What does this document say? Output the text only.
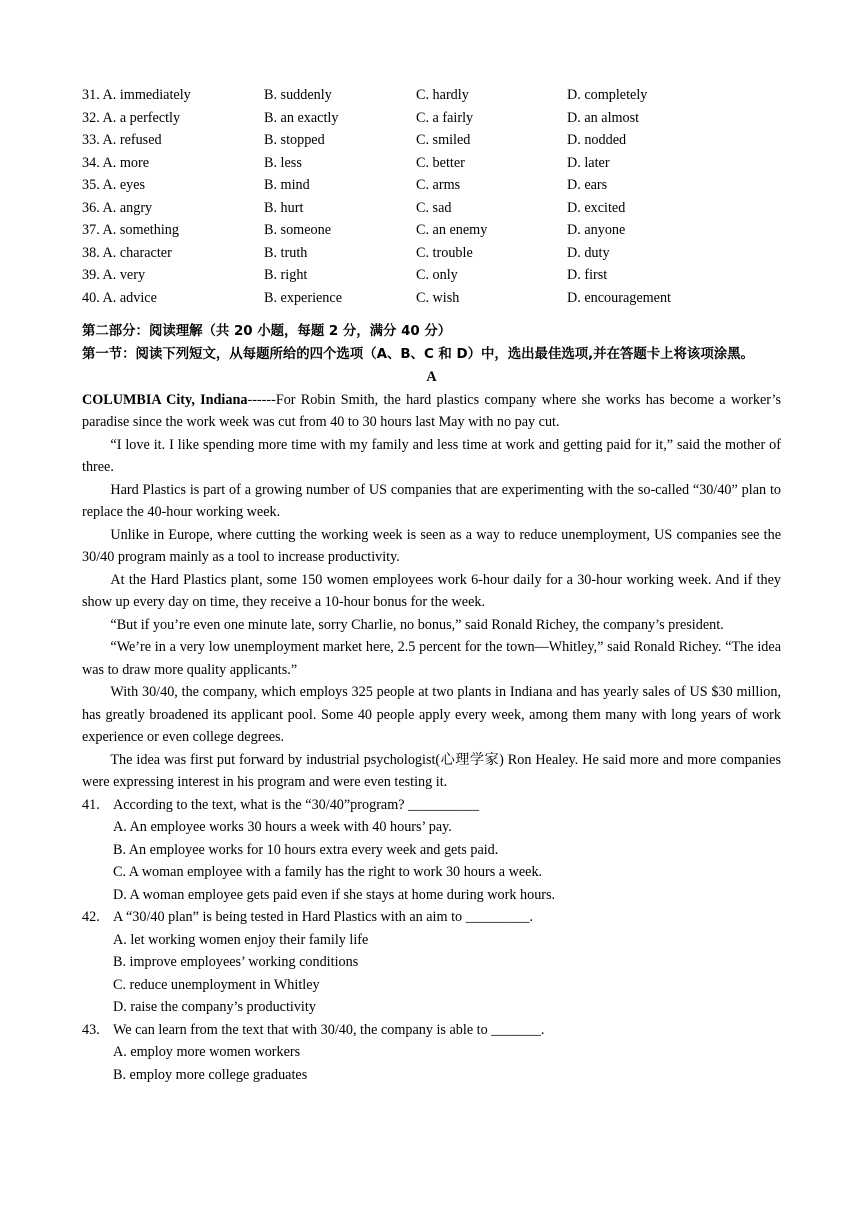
31. A. immediately	B. suddenly	C. hardly	D. completely
32. A. a perfectly	B. an exactly	C. a fairly	D. an almost
33. A. refused	B. stopped	C. smiled	D. nodded
34. A. more	B. less	C. better	D. later
35. A. eyes	B. mind	C. arms	D. ears
36. A. angry	B. hurt	C. sad	D. excited
37. A. something	B. someone	C. an enemy	D. anyone
38. A. character	B. truth	C. trouble	D. duty
39. A. very	B. right	C. only	D. first
40. A. advice	B. experience	C. wish	D. encouragement
第二部分：阅读理解（共 20 小题，每题 2 分，满分 40 分）
第一节：阅读下列短文，从每题所给的四个选项（A、B、C 和 D）中，选出最佳选项,并在答题卡上将该项涂黑。
A

COLUMBIA City, Indiana------For Robin Smith, the hard plastics company where she works has become a worker’s paradise since the work week was cut from 40 to 30 hours last May with no pay cut.

“I love it. I like spending more time with my family and less time at work and getting paid for it,” said the mother of three.

Hard Plastics is part of a growing number of US companies that are experimenting with the so-called “30/40” plan to replace the 40-hour working week.

Unlike in Europe, where cutting the working week is seen as a way to reduce unemployment, US companies see the 30/40 program mainly as a tool to increase productivity.

At the Hard Plastics plant, some 150 women employees work 6-hour daily for a 30-hour working week. And if they show up every day on time, they receive a 10-hour bonus for the week.

“But if you’re even one minute late, sorry Charlie, no bonus,” said Ronald Richey, the company’s president.

“We’re in a very low unemployment market here, 2.5 percent for the town—Whitley,” said Ronald Richey. “The idea was to draw more quality applicants.”

With 30/40, the company, which employs 325 people at two plants in Indiana and has yearly sales of US $30 million, has greatly broadened its applicant pool. Some 40 people apply every week, among them many with long years of work experience or even college degrees.

The idea was first put forward by industrial psychologist(心理学家) Ron Healey. He said more and more companies were expressing interest in his program and were even testing it.

41. According to the text, what is the “30/40”program? __________
A. An employee works 30 hours a week with 40 hours’ pay.
B. An employee works for 10 hours extra every week and gets paid.
C. A woman employee with a family has the right to work 30 hours a week.
D. A woman employee gets paid even if she stays at home during work hours.
42. A “30/40 plan” is being tested in Hard Plastics with an aim to _________.
A. let working women enjoy their family life
B. improve employees’ working conditions
C. reduce unemployment in Whitley
D. raise the company’s productivity
43. We can learn from the text that with 30/40, the company is able to _______.
A. employ more women workers
B. employ more college graduates
